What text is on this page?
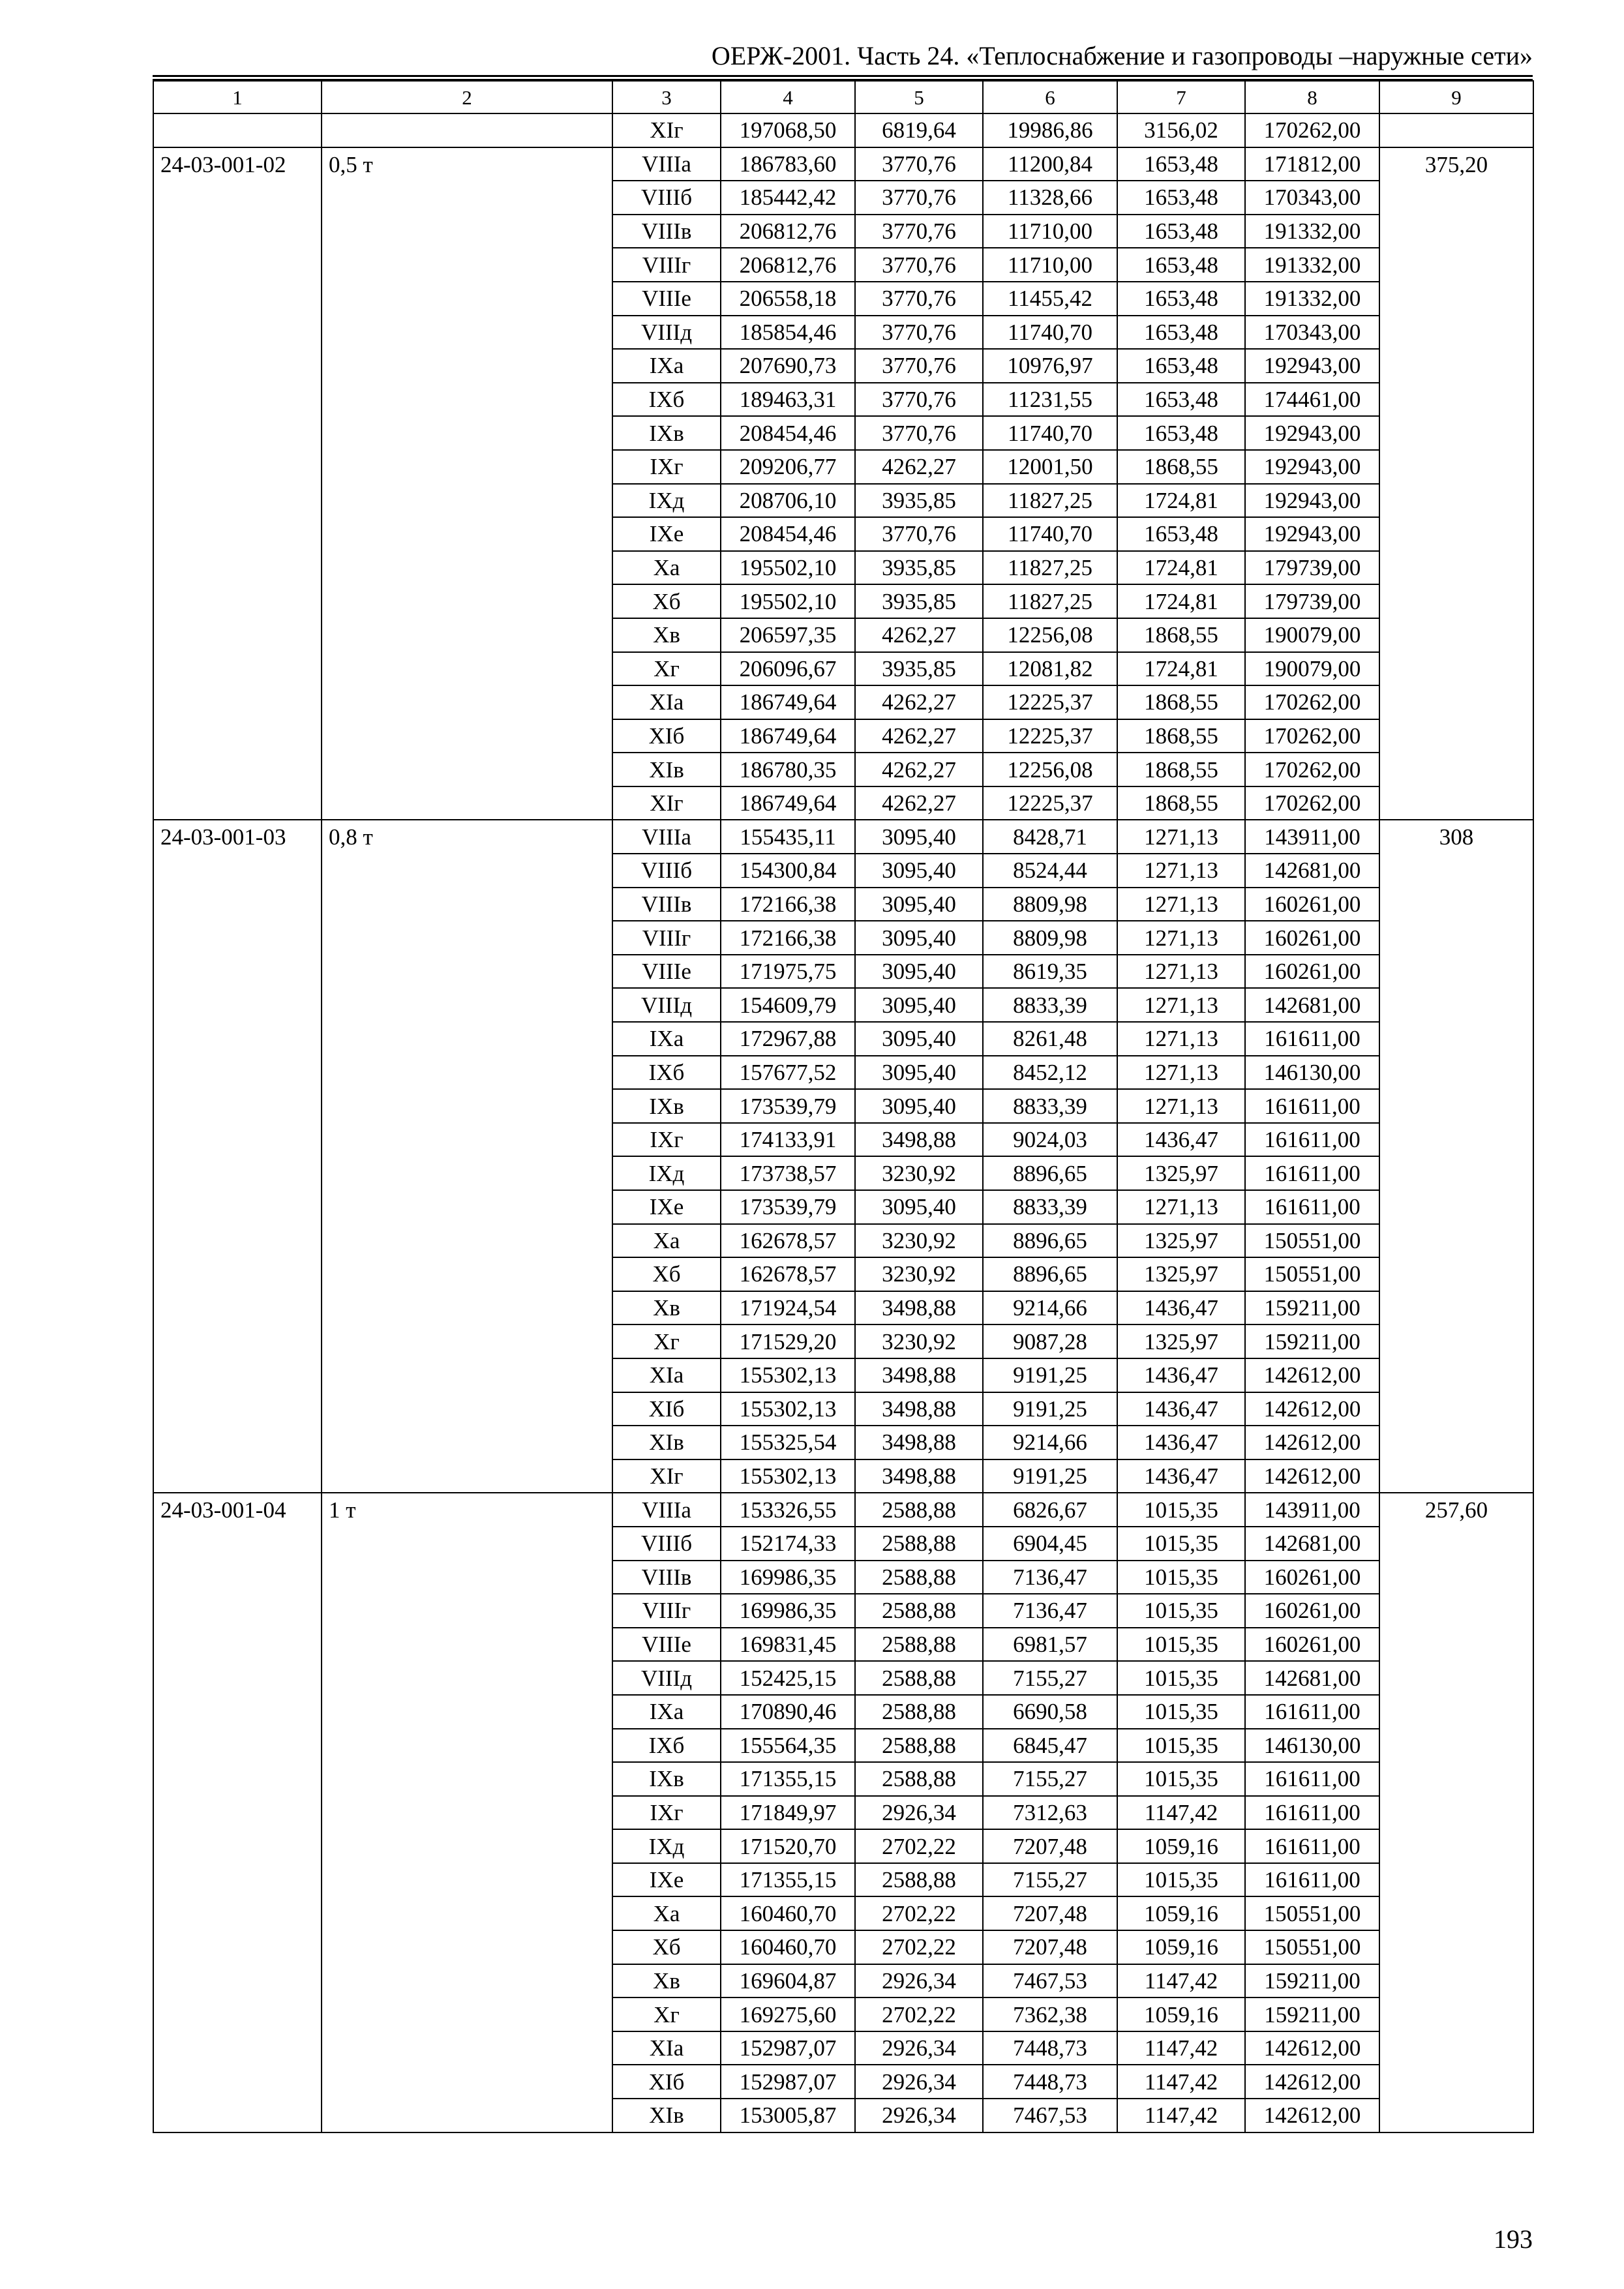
ОЕРЖ-2001. Часть 24. «Теплоснабжение и газопроводы –наружные сети»
1	2	3	4	5	6	7	8	9
		XIг	197068,50	6819,64	19986,86	3156,02	170262,00	
24-03-001-02	0,5 т	VIIIа	186783,60	3770,76	11200,84	1653,48	171812,00	375,20
		VIIIб	185442,42	3770,76	11328,66	1653,48	170343,00	
		VIIIв	206812,76	3770,76	11710,00	1653,48	191332,00	
		VIIIг	206812,76	3770,76	11710,00	1653,48	191332,00	
		VIIIе	206558,18	3770,76	11455,42	1653,48	191332,00	
		VIIIд	185854,46	3770,76	11740,70	1653,48	170343,00	
		IXа	207690,73	3770,76	10976,97	1653,48	192943,00	
		IXб	189463,31	3770,76	11231,55	1653,48	174461,00	
		IXв	208454,46	3770,76	11740,70	1653,48	192943,00	
		IXг	209206,77	4262,27	12001,50	1868,55	192943,00	
		IXд	208706,10	3935,85	11827,25	1724,81	192943,00	
		IXе	208454,46	3770,76	11740,70	1653,48	192943,00	
		Xа	195502,10	3935,85	11827,25	1724,81	179739,00	
		Xб	195502,10	3935,85	11827,25	1724,81	179739,00	
		Xв	206597,35	4262,27	12256,08	1868,55	190079,00	
		Xг	206096,67	3935,85	12081,82	1724,81	190079,00	
		XIа	186749,64	4262,27	12225,37	1868,55	170262,00	
		XIб	186749,64	4262,27	12225,37	1868,55	170262,00	
		XIв	186780,35	4262,27	12256,08	1868,55	170262,00	
		XIг	186749,64	4262,27	12225,37	1868,55	170262,00	
24-03-001-03	0,8 т	VIIIа	155435,11	3095,40	8428,71	1271,13	143911,00	308
		VIIIб	154300,84	3095,40	8524,44	1271,13	142681,00	
		VIIIв	172166,38	3095,40	8809,98	1271,13	160261,00	
		VIIIг	172166,38	3095,40	8809,98	1271,13	160261,00	
		VIIIе	171975,75	3095,40	8619,35	1271,13	160261,00	
		VIIIд	154609,79	3095,40	8833,39	1271,13	142681,00	
		IXа	172967,88	3095,40	8261,48	1271,13	161611,00	
		IXб	157677,52	3095,40	8452,12	1271,13	146130,00	
		IXв	173539,79	3095,40	8833,39	1271,13	161611,00	
		IXг	174133,91	3498,88	9024,03	1436,47	161611,00	
		IXд	173738,57	3230,92	8896,65	1325,97	161611,00	
		IXе	173539,79	3095,40	8833,39	1271,13	161611,00	
		Xа	162678,57	3230,92	8896,65	1325,97	150551,00	
		Xб	162678,57	3230,92	8896,65	1325,97	150551,00	
		Xв	171924,54	3498,88	9214,66	1436,47	159211,00	
		Xг	171529,20	3230,92	9087,28	1325,97	159211,00	
		XIа	155302,13	3498,88	9191,25	1436,47	142612,00	
		XIб	155302,13	3498,88	9191,25	1436,47	142612,00	
		XIв	155325,54	3498,88	9214,66	1436,47	142612,00	
		XIг	155302,13	3498,88	9191,25	1436,47	142612,00	
24-03-001-04	1 т	VIIIа	153326,55	2588,88	6826,67	1015,35	143911,00	257,60
		VIIIб	152174,33	2588,88	6904,45	1015,35	142681,00	
		VIIIв	169986,35	2588,88	7136,47	1015,35	160261,00	
		VIIIг	169986,35	2588,88	7136,47	1015,35	160261,00	
		VIIIе	169831,45	2588,88	6981,57	1015,35	160261,00	
		VIIIд	152425,15	2588,88	7155,27	1015,35	142681,00	
		IXа	170890,46	2588,88	6690,58	1015,35	161611,00	
		IXб	155564,35	2588,88	6845,47	1015,35	146130,00	
		IXв	171355,15	2588,88	7155,27	1015,35	161611,00	
		IXг	171849,97	2926,34	7312,63	1147,42	161611,00	
		IXд	171520,70	2702,22	7207,48	1059,16	161611,00	
		IXе	171355,15	2588,88	7155,27	1015,35	161611,00	
		Xа	160460,70	2702,22	7207,48	1059,16	150551,00	
		Xб	160460,70	2702,22	7207,48	1059,16	150551,00	
		Xв	169604,87	2926,34	7467,53	1147,42	159211,00	
		Xг	169275,60	2702,22	7362,38	1059,16	159211,00	
		XIа	152987,07	2926,34	7448,73	1147,42	142612,00	
		XIб	152987,07	2926,34	7448,73	1147,42	142612,00	
		XIв	153005,87	2926,34	7467,53	1147,42	142612,00	
193
